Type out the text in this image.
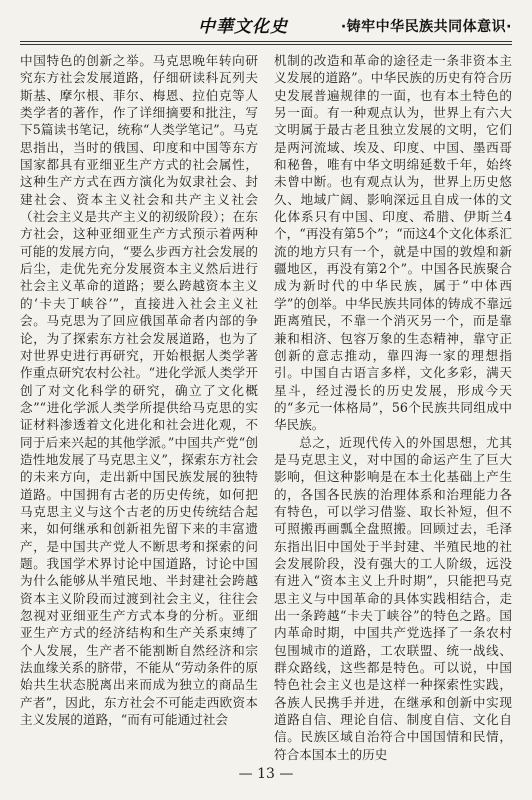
中華文化史	·铸牢中华民族共同体意识·

中国特色的创新之举。马克思晚年转向研究东方社会发展道路，仔细研读科瓦列夫斯基、摩尔根、菲尔、梅恩、拉伯克等人类学者的著作，作了详细摘要和批注，写下5篇读书笔记，统称“人类学笔记”。马克思指出，当时的俄国、印度和中国等东方国家都具有亚细亚生产方式的社会属性，这种生产方式在西方演化为奴隶社会、封建社会、资本主义社会和共产主义社会（社会主义是共产主义的初级阶段）；在东方社会，这种亚细亚生产方式预示着两种可能的发展方向，“要么步西方社会发展的后尘，走优先充分发展资本主义然后进行社会主义革命的道路；要么跨越资本主义的‘卡夫丁峡谷’”，直接进入社会主义社会。马克思为了回应俄国革命者内部的争论，为了探索东方社会发展道路，也为了对世界史进行再研究，开始根据人类学著作重点研究农村公社。“进化学派人类学开创了对文化科学的研究，确立了文化概念”“进化学派人类学所提供给马克思的实证材料渗透着文化进化和社会进化观，不同于后来兴起的其他学派。”中国共产党“创造性地发展了马克思主义”，探索东方社会的未来方向，走出新中国民族发展的独特道路。中国拥有古老的历史传统，如何把马克思主义与这个古老的历史传统结合起来，如何继承和创新祖先留下来的丰富遗产，是中国共产党人不断思考和探索的问题。我国学术界讨论中国道路，讨论中国为什么能够从半殖民地、半封建社会跨越资本主义阶段而过渡到社会主义，往往会忽视对亚细亚生产方式本身的分析。亚细亚生产方式的经济结构和生产关系束缚了个人发展，生产者不能割断自然经济和宗法血缘关系的脐带，不能从“劳动条件的原始共生状态脱离出来而成为独立的商品生产者”，因此，东方社会不可能走西欧资本主义发展的道路，“而有可能通过社会

机制的改造和革命的途径走一条非资本主义发展的道路”。中华民族的历史有符合历史发展普遍规律的一面，也有本土特色的另一面。有一种观点认为，世界上有六大文明属于最古老且独立发展的文明，它们是两河流域、埃及、印度、中国、墨西哥和秘鲁，唯有中华文明绵延数千年，始终未曾中断。也有观点认为，世界上历史悠久、地域广阔、影响深远且自成一体的文化体系只有中国、印度、希腊、伊斯兰4个，“再没有第5个”；“而这4个文化体系汇流的地方只有一个，就是中国的敦煌和新疆地区，再没有第2个”。中国各民族聚合成为新时代的中华民族，属于“中体西学”的创举。中华民族共同体的铸成不靠远距离殖民，不靠一个消灭另一个，而是靠兼和相济、包容万象的生态精神，靠守正创新的意志推动，靠四海一家的理想指引。中国自古语言多样，文化多彩，满天星斗，经过漫长的历史发展，形成今天的“多元一体格局”，56个民族共同组成中华民族。

总之，近现代传入的外国思想，尤其是马克思主义，对中国的命运产生了巨大影响，但这种影响是在本土化基础上产生的，各国各民族的治理体系和治理能力各有特色，可以学习借鉴、取长补短，但不可照搬再画瓢全盘照搬。回顾过去，毛泽东指出旧中国处于半封建、半殖民地的社会发展阶段，没有强大的工人阶级，远没有进入“资本主义上升时期”，只能把马克思主义与中国革命的具体实践相结合，走出一条跨越“卡夫丁峡谷”的特色之路。国内革命时期，中国共产党选择了一条农村包围城市的道路，工农联盟、统一战线、群众路线，这些都是特色。可以说，中国特色社会主义也是这样一种探索性实践，各族人民携手并进，在继承和创新中实现道路自信、理论自信、制度自信、文化自信。民族区域自治符合中国国情和民情，符合本国本土的历史

— 13 —
